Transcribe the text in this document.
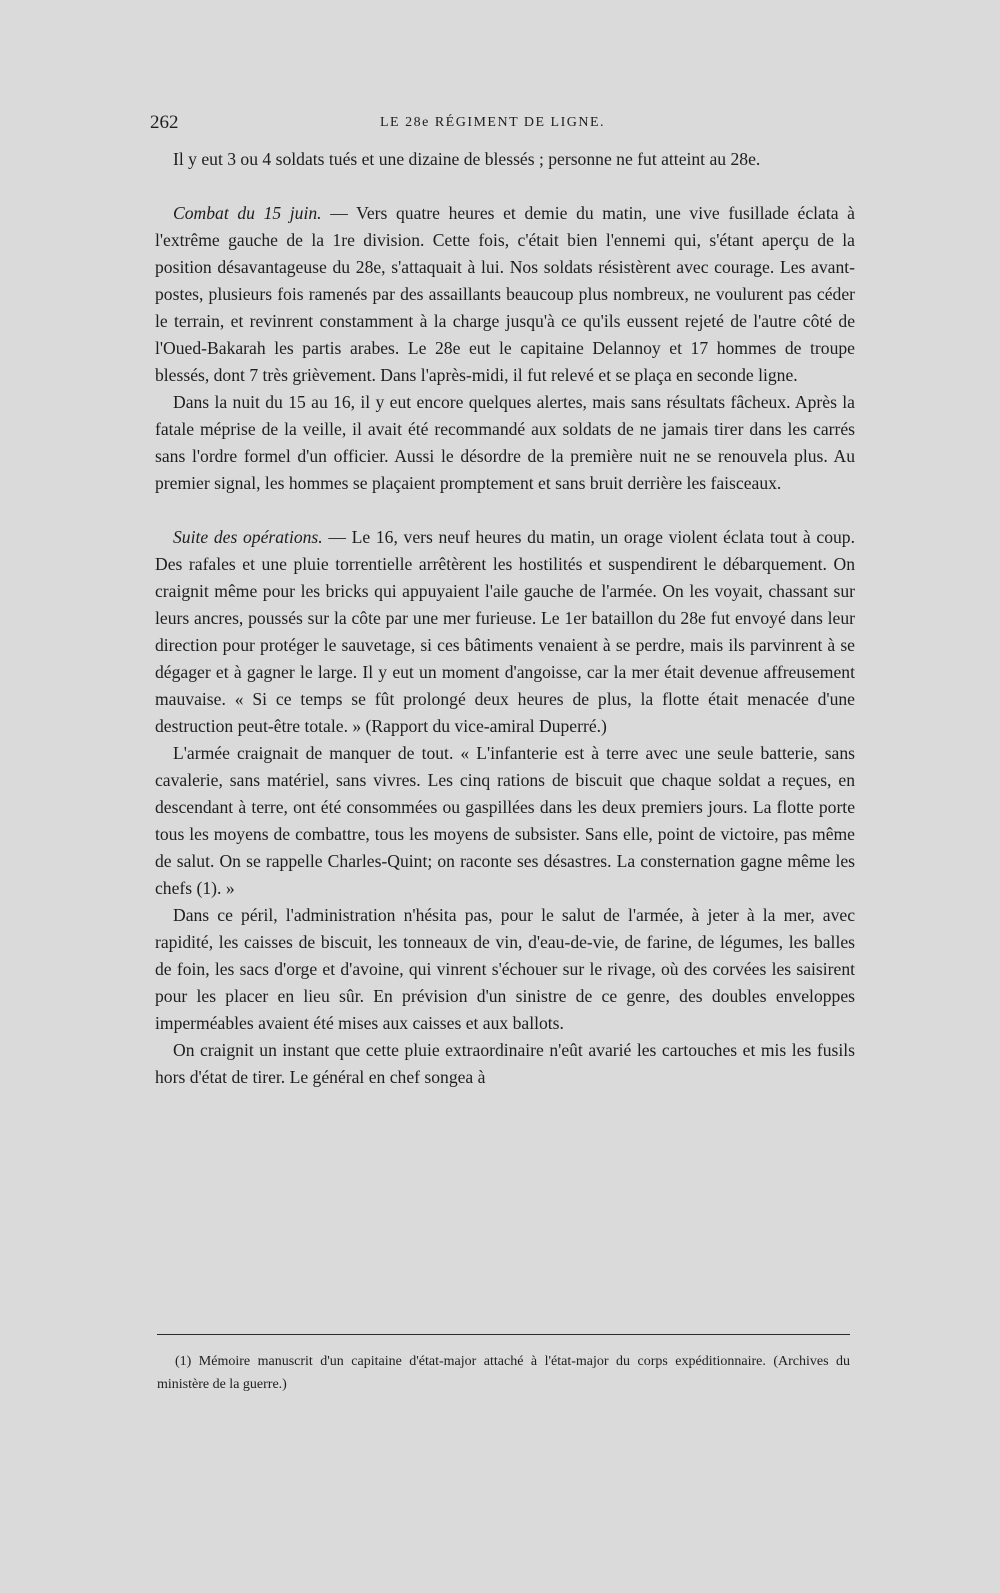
262	LE 28e RÉGIMENT DE LIGNE.

Il y eut 3 ou 4 soldats tués et une dizaine de blessés ; personne ne fut atteint au 28e.

Combat du 15 juin. — Vers quatre heures et demie du matin, une vive fusillade éclata à l'extrême gauche de la 1re division. Cette fois, c'était bien l'ennemi qui, s'étant aperçu de la position désavantageuse du 28e, s'attaquait à lui. Nos soldats résistèrent avec courage. Les avant-postes, plusieurs fois ramenés par des assaillants beaucoup plus nombreux, ne voulurent pas céder le terrain, et revinrent constamment à la charge jusqu'à ce qu'ils eussent rejeté de l'autre côté de l'Oued-Bakarah les partis arabes. Le 28e eut le capitaine Delannoy et 17 hommes de troupe blessés, dont 7 très grièvement. Dans l'après-midi, il fut relevé et se plaça en seconde ligne.

Dans la nuit du 15 au 16, il y eut encore quelques alertes, mais sans résultats fâcheux. Après la fatale méprise de la veille, il avait été recommandé aux soldats de ne jamais tirer dans les carrés sans l'ordre formel d'un officier. Aussi le désordre de la première nuit ne se renouvela plus. Au premier signal, les hommes se plaçaient promptement et sans bruit derrière les faisceaux.

Suite des opérations. — Le 16, vers neuf heures du matin, un orage violent éclata tout à coup. Des rafales et une pluie torrentielle arrêtèrent les hostilités et suspendirent le débarquement. On craignit même pour les bricks qui appuyaient l'aile gauche de l'armée. On les voyait, chassant sur leurs ancres, poussés sur la côte par une mer furieuse. Le 1er bataillon du 28e fut envoyé dans leur direction pour protéger le sauvetage, si ces bâtiments venaient à se perdre, mais ils parvinrent à se dégager et à gagner le large. Il y eut un moment d'angoisse, car la mer était devenue affreusement mauvaise. « Si ce temps se fût prolongé deux heures de plus, la flotte était menacée d'une destruction peut-être totale. » (Rapport du vice-amiral Duperré.)

L'armée craignait de manquer de tout. « L'infanterie est à terre avec une seule batterie, sans cavalerie, sans matériel, sans vivres. Les cinq rations de biscuit que chaque soldat a reçues, en descendant à terre, ont été consommées ou gaspillées dans les deux premiers jours. La flotte porte tous les moyens de combattre, tous les moyens de subsister. Sans elle, point de victoire, pas même de salut. On se rappelle Charles-Quint; on raconte ses désastres. La consternation gagne même les chefs (1). »

Dans ce péril, l'administration n'hésita pas, pour le salut de l'armée, à jeter à la mer, avec rapidité, les caisses de biscuit, les tonneaux de vin, d'eau-de-vie, de farine, de légumes, les balles de foin, les sacs d'orge et d'avoine, qui vinrent s'échouer sur le rivage, où des corvées les saisirent pour les placer en lieu sûr. En prévision d'un sinistre de ce genre, des doubles enveloppes imperméables avaient été mises aux caisses et aux ballots.

On craignit un instant que cette pluie extraordinaire n'eût avarié les cartouches et mis les fusils hors d'état de tirer. Le général en chef songea à

(1) Mémoire manuscrit d'un capitaine d'état-major attaché à l'état-major du corps expéditionnaire. (Archives du ministère de la guerre.)
